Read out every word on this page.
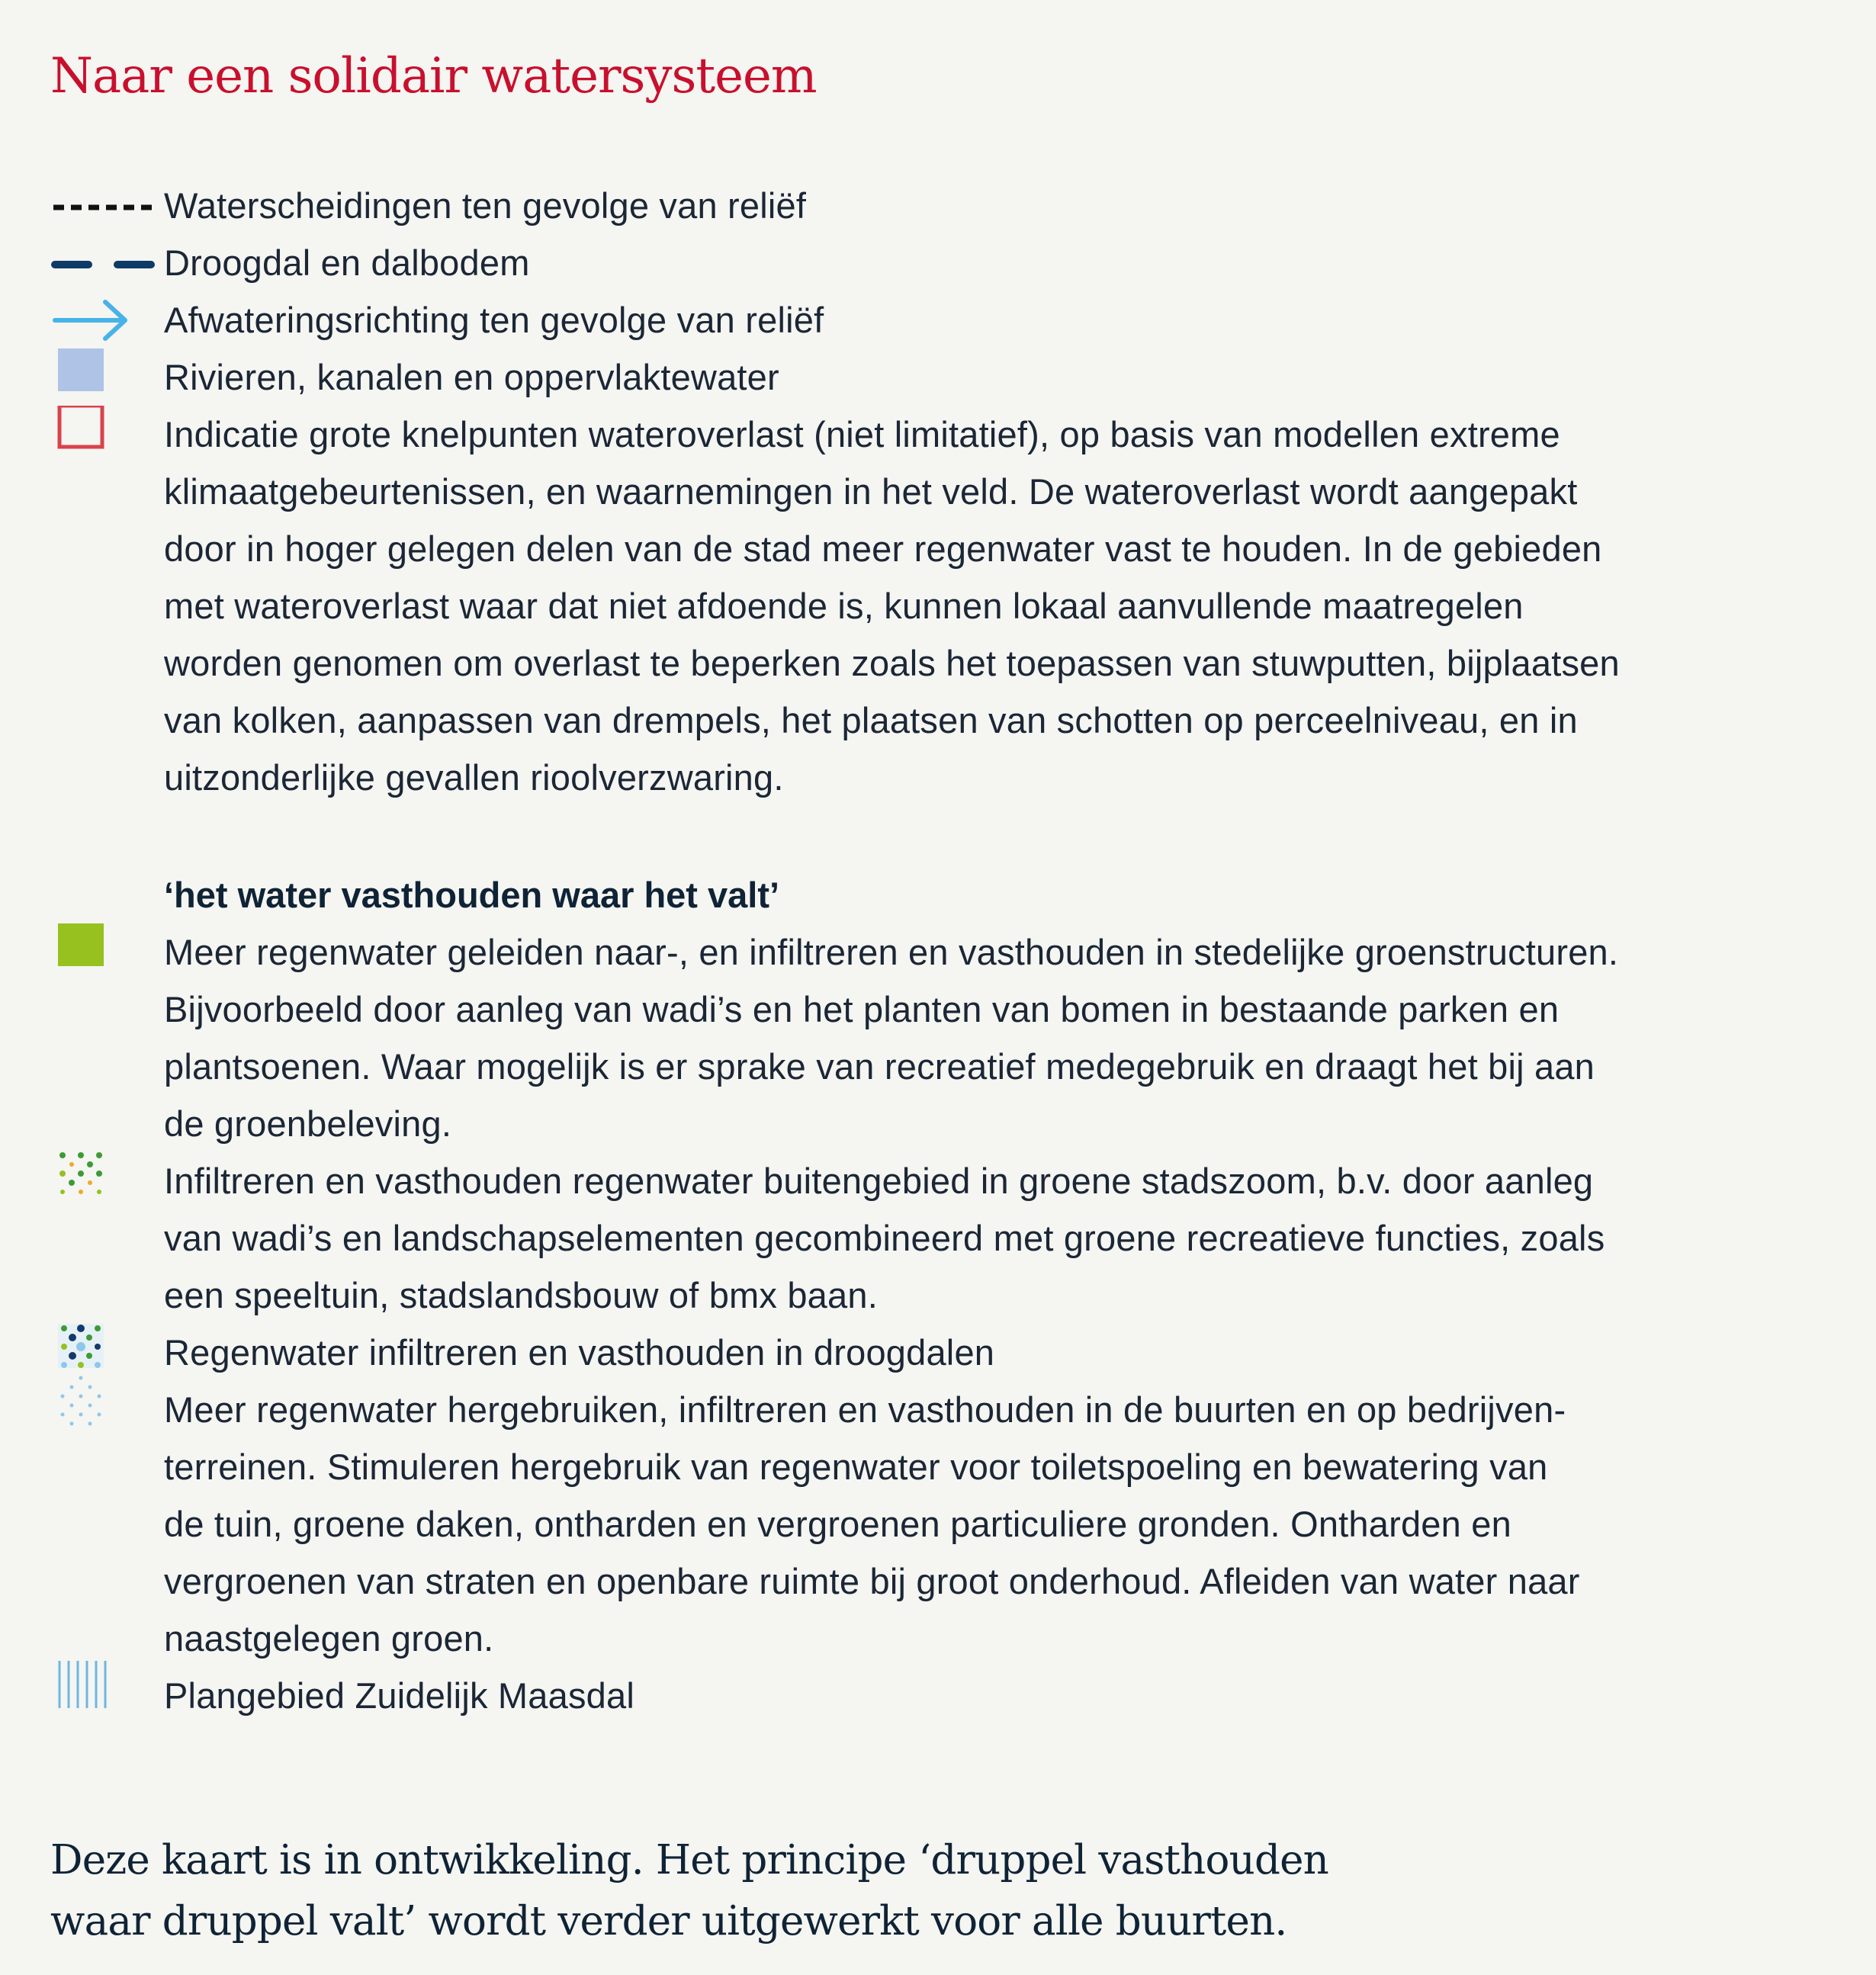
Naar een solidair watersysteem
Waterscheidingen ten gevolge van reliëf
Droogdal en dalbodem
Afwateringsrichting ten gevolge van reliëf
Rivieren, kanalen en oppervlaktewater
Indicatie grote knelpunten wateroverlast (niet limitatief), op basis van modellen extreme
klimaatgebeurtenissen, en waarnemingen in het veld. De wateroverlast wordt aangepakt
door in hoger gelegen delen van de stad meer regenwater vast te houden. In de gebieden
met wateroverlast waar dat niet afdoende is, kunnen lokaal aanvullende maatregelen
worden genomen om overlast te beperken zoals het toepassen van stuwputten, bijplaatsen
van kolken, aanpassen van drempels, het plaatsen van schotten op perceelniveau, en in
uitzonderlijke gevallen rioolverzwaring.
‘het water vasthouden waar het valt’
Meer regenwater geleiden naar-, en infiltreren en vasthouden in stedelijke groenstructuren.
Bijvoorbeeld door aanleg van wadi’s en het planten van bomen in bestaande parken en
plantsoenen. Waar mogelijk is er sprake van recreatief medegebruik en draagt het bij aan
de groenbeleving.
Infiltreren en vasthouden regenwater buitengebied in groene stadszoom, b.v. door aanleg
van wadi’s en landschapselementen gecombineerd met groene recreatieve functies, zoals
een speeltuin, stadslandsbouw of bmx baan.
Regenwater infiltreren en vasthouden in droogdalen
Meer regenwater hergebruiken, infiltreren en vasthouden in de buurten en op bedrijven-
terreinen. Stimuleren hergebruik van regenwater voor toiletspoeling en bewatering van
de tuin, groene daken, ontharden en vergroenen particuliere gronden. Ontharden en
vergroenen van straten en openbare ruimte bij groot onderhoud. Afleiden van water naar
naastgelegen groen.
Plangebied Zuidelijk Maasdal
Deze kaart is in ontwikkeling. Het principe ‘druppel vasthouden
waar druppel valt’ wordt verder uitgewerkt voor alle buurten.
